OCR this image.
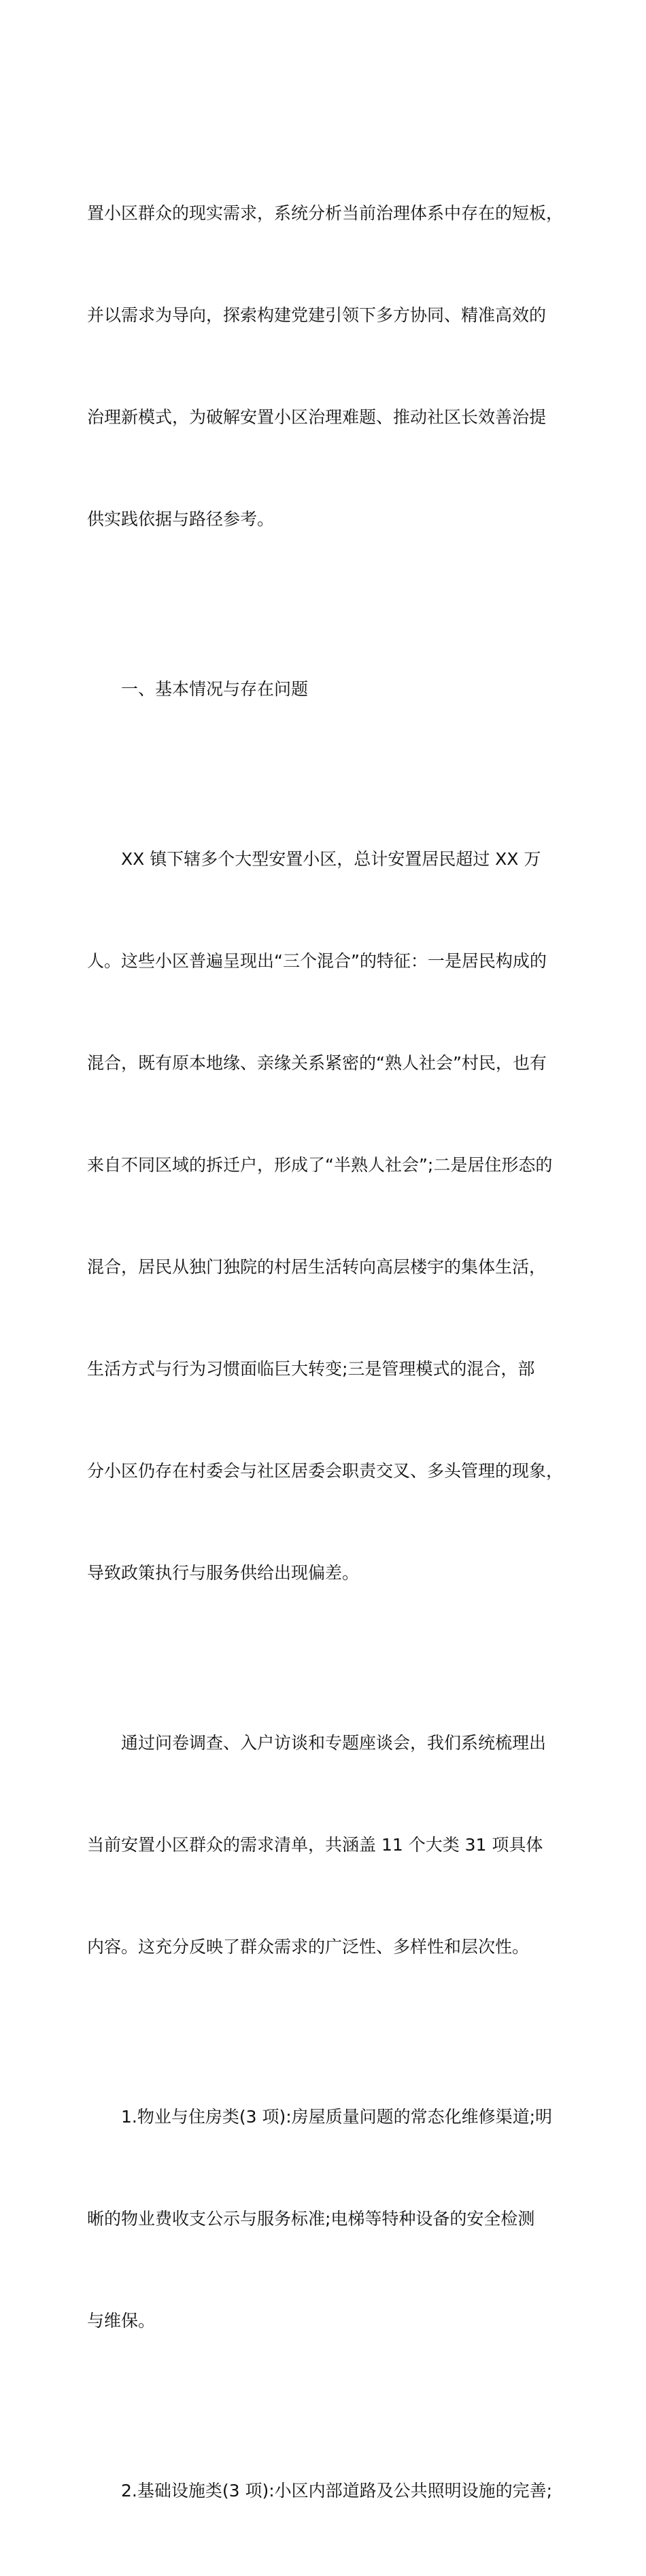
置小区群众的现实需求，系统分析当前治理体系中存在的短板，

并以需求为导向，探索构建党建引领下多方协同、精准高效的

治理新模式，为破解安置小区治理难题、推动社区长效善治提

供实践依据与路径参考。

一、基本情况与存在问题

XX 镇下辖多个大型安置小区，总计安置居民超过 XX 万

人。这些小区普遍呈现出“三个混合”的特征：一是居民构成的

混合，既有原本地缘、亲缘关系紧密的“熟人社会”村民，也有

来自不同区域的拆迁户，形成了“半熟人社会”;二是居住形态的

混合，居民从独门独院的村居生活转向高层楼宇的集体生活，

生活方式与行为习惯面临巨大转变;三是管理模式的混合，部

分小区仍存在村委会与社区居委会职责交叉、多头管理的现象，

导致政策执行与服务供给出现偏差。

通过问卷调查、入户访谈和专题座谈会，我们系统梳理出

当前安置小区群众的需求清单，共涵盖 11 个大类 31 项具体

内容。这充分反映了群众需求的广泛性、多样性和层次性。

1.物业与住房类(3 项):房屋质量问题的常态化维修渠道;明

晰的物业费收支公示与服务标准;电梯等特种设备的安全检测

与维保。

2.基础设施类(3 项):小区内部道路及公共照明设施的完善;
